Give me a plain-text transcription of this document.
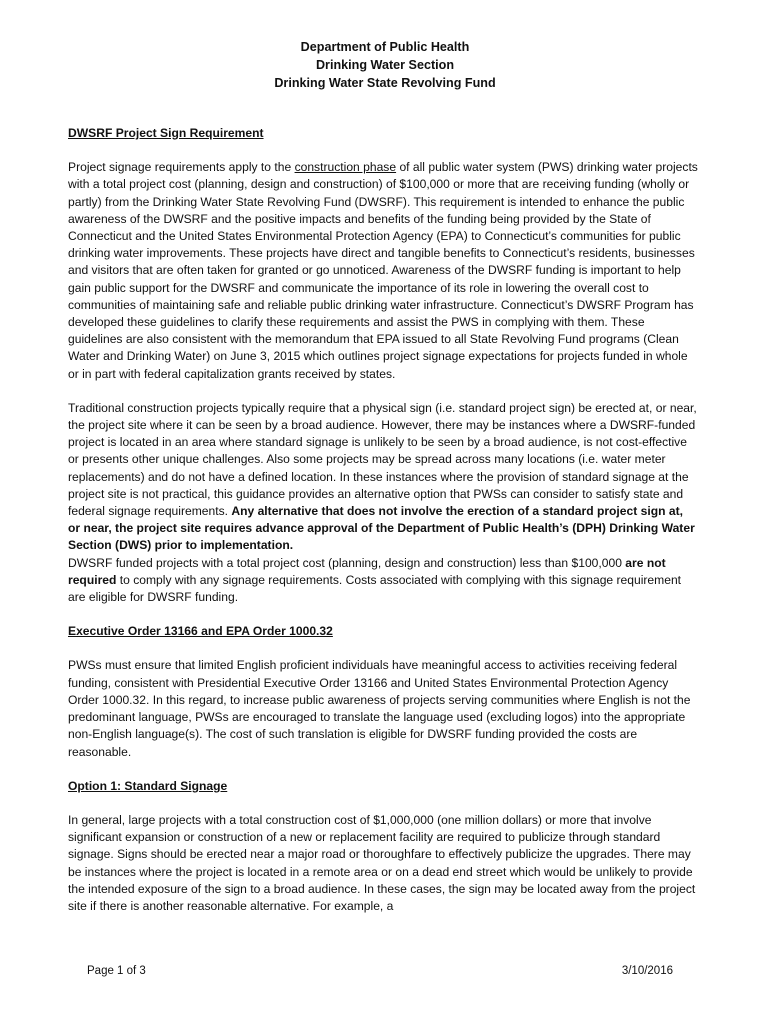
Department of Public Health
Drinking Water Section
Drinking Water State Revolving Fund
DWSRF Project Sign Requirement

Project signage requirements apply to the construction phase of all public water system (PWS) drinking water projects with a total project cost (planning, design and construction) of $100,000 or more that are receiving funding (wholly or partly) from the Drinking Water State Revolving Fund (DWSRF). This requirement is intended to enhance the public awareness of the DWSRF and the positive impacts and benefits of the funding being provided by the State of Connecticut and the United States Environmental Protection Agency (EPA) to Connecticut’s communities for public drinking water improvements. These projects have direct and tangible benefits to Connecticut’s residents, businesses and visitors that are often taken for granted or go unnoticed. Awareness of the DWSRF funding is important to help gain public support for the DWSRF and communicate the importance of its role in lowering the overall cost to communities of maintaining safe and reliable public drinking water infrastructure. Connecticut’s DWSRF Program has developed these guidelines to clarify these requirements and assist the PWS in complying with them. These guidelines are also consistent with the memorandum that EPA issued to all State Revolving Fund programs (Clean Water and Drinking Water) on June 3, 2015 which outlines project signage expectations for projects funded in whole or in part with federal capitalization grants received by states.

Traditional construction projects typically require that a physical sign (i.e. standard project sign) be erected at, or near, the project site where it can be seen by a broad audience. However, there may be instances where a DWSRF-funded project is located in an area where standard signage is unlikely to be seen by a broad audience, is not cost-effective or presents other unique challenges. Also some projects may be spread across many locations (i.e. water meter replacements) and do not have a defined location. In these instances where the provision of standard signage at the project site is not practical, this guidance provides an alternative option that PWSs can consider to satisfy state and federal signage requirements. Any alternative that does not involve the erection of a standard project sign at, or near, the project site requires advance approval of the Department of Public Health’s (DPH) Drinking Water Section (DWS) prior to implementation.

DWSRF funded projects with a total project cost (planning, design and construction) less than $100,000 are not required to comply with any signage requirements. Costs associated with complying with this signage requirement are eligible for DWSRF funding.

Executive Order 13166 and EPA Order 1000.32

PWSs must ensure that limited English proficient individuals have meaningful access to activities receiving federal funding, consistent with Presidential Executive Order 13166 and United States Environmental Protection Agency Order 1000.32. In this regard, to increase public awareness of projects serving communities where English is not the predominant language, PWSs are encouraged to translate the language used (excluding logos) into the appropriate non-English language(s). The cost of such translation is eligible for DWSRF funding provided the costs are reasonable.

Option 1: Standard Signage

In general, large projects with a total construction cost of $1,000,000 (one million dollars) or more that involve significant expansion or construction of a new or replacement facility are required to publicize through standard signage. Signs should be erected near a major road or thoroughfare to effectively publicize the upgrades. There may be instances where the project is located in a remote area or on a dead end street which would be unlikely to provide the intended exposure of the sign to a broad audience. In these cases, the sign may be located away from the project site if there is another reasonable alternative. For example, a

Page 1 of 3	3/10/2016
